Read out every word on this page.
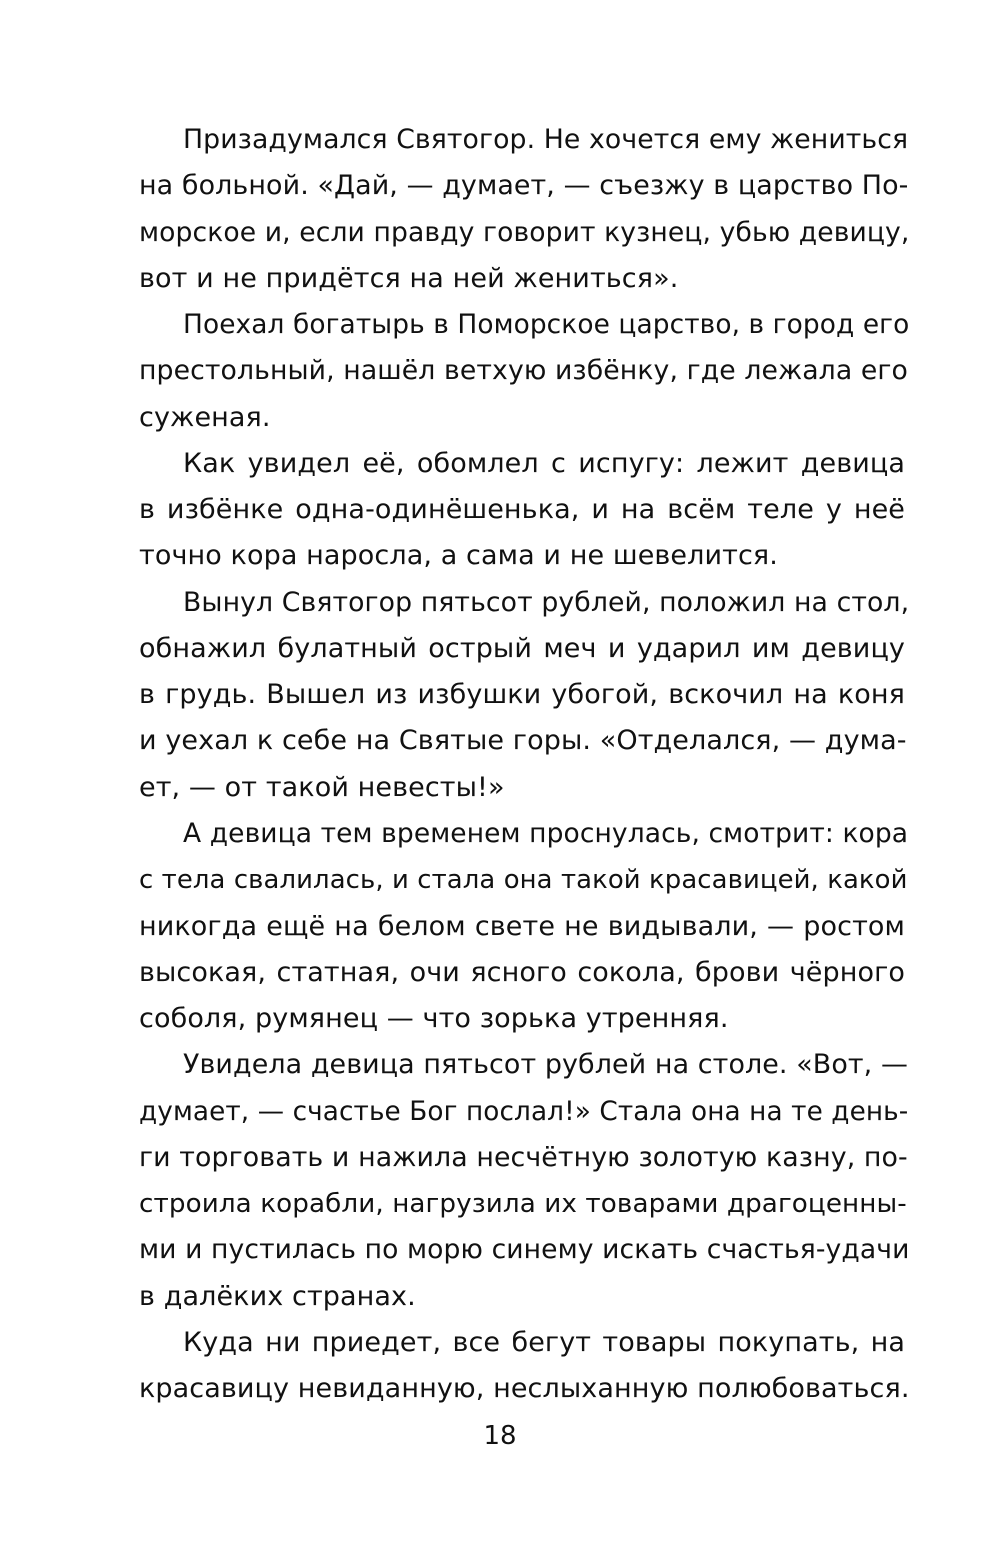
Призадумался Святогор. Не хочется ему жениться
на больной. «Дай, — думает, — съезжу в царство По-
морское и, если правду говорит кузнец, убью девицу,
вот и не придётся на ней жениться».
Поехал богатырь в Поморское царство, в город его
престольный, нашёл ветхую избёнку, где лежала его
суженая.
Как увидел её, обомлел с испугу: лежит девица
в избёнке одна-одинёшенька, и на всём теле у неё
точно кора наросла, а сама и не шевелится.
Вынул Святогор пятьсот рублей, положил на стол,
обнажил булатный острый меч и ударил им девицу
в грудь. Вышел из избушки убогой, вскочил на коня
и уехал к себе на Святые горы. «Отделался, — дума-
ет, — от такой невесты!»
А девица тем временем проснулась, смотрит: кора
с тела свалилась, и стала она такой красавицей, какой
никогда ещё на белом свете не видывали, — ростом
высокая, статная, очи ясного сокола, брови чёрного
соболя, румянец — что зорька утренняя.
Увидела девица пятьсот рублей на столе. «Вот, —
думает, — счастье Бог послал!» Стала она на те день-
ги торговать и нажила несчётную золотую казну, по-
строила корабли, нагрузила их товарами драгоценны-
ми и пустилась по морю синему искать счастья-удачи
в далёких странах.
Куда ни приедет, все бегут товары покупать, на
красавицу невиданную, неслыханную полюбоваться.
18
